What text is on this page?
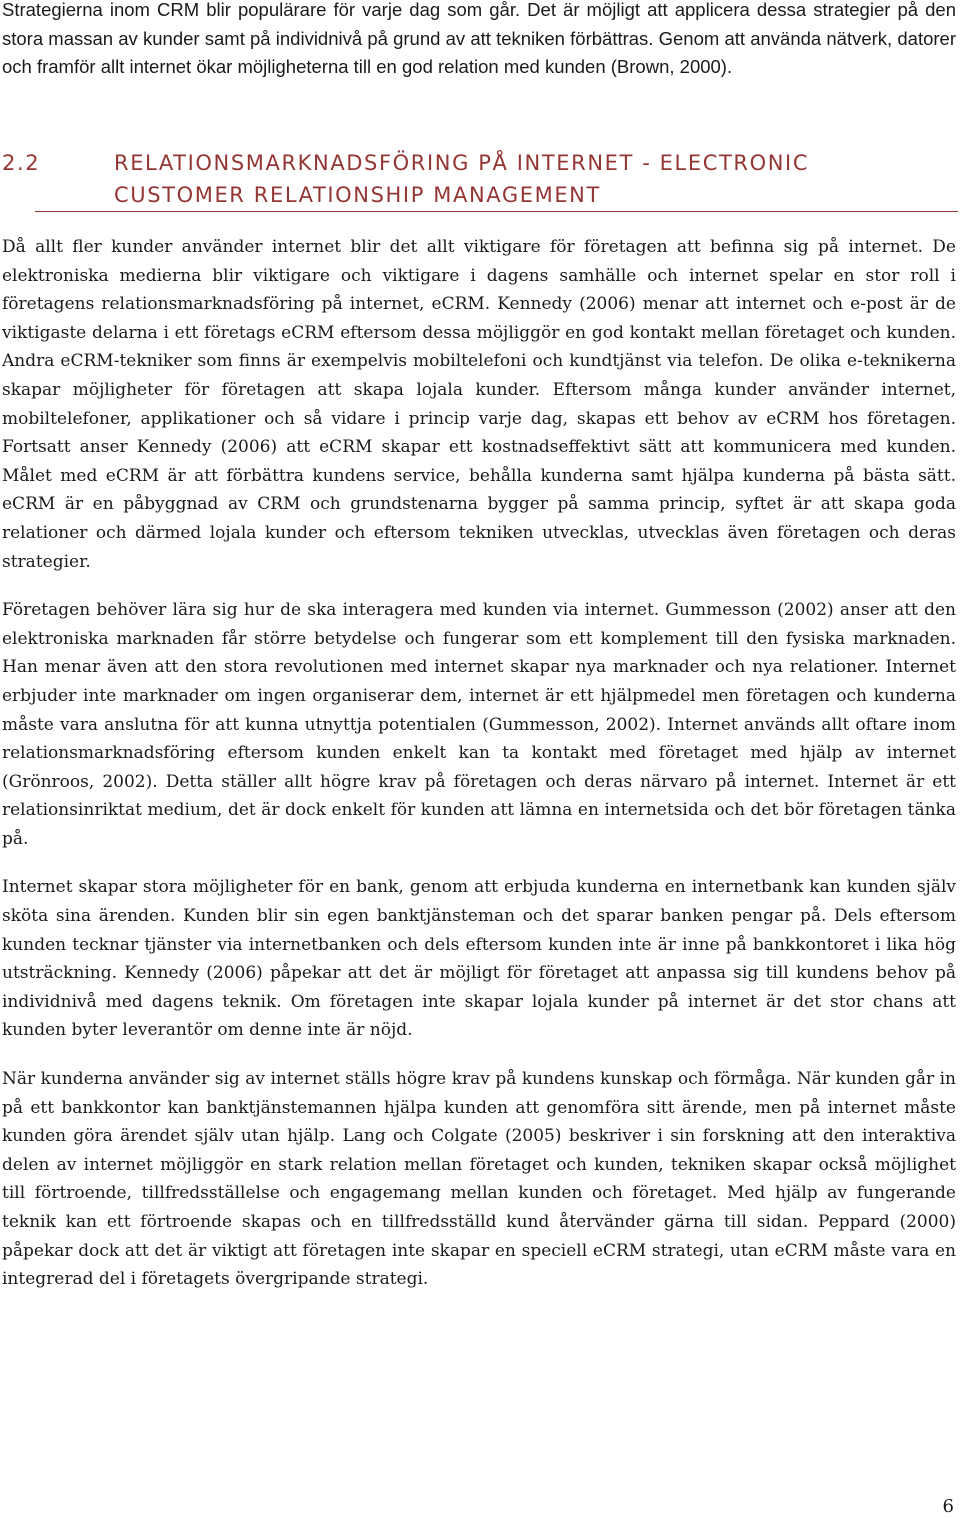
Strategierna inom CRM blir populärare för varje dag som går. Det är möjligt att applicera dessa strategier på den stora massan av kunder samt på individnivå på grund av att tekniken förbättras. Genom att använda nätverk, datorer och framför allt internet ökar möjligheterna till en god relation med kunden (Brown, 2000).

2.2	RELATIONSMARKNADSFÖRING PÅ INTERNET - ELECTRONIC
CUSTOMER RELATIONSHIP MANAGEMENT

Då allt fler kunder använder internet blir det allt viktigare för företagen att befinna sig på internet. De elektroniska medierna blir viktigare och viktigare i dagens samhälle och internet spelar en stor roll i företagens relationsmarknadsföring på internet, eCRM. Kennedy (2006) menar att internet och e-post är de viktigaste delarna i ett företags eCRM eftersom dessa möjliggör en god kontakt mellan företaget och kunden. Andra eCRM-tekniker som finns är exempelvis mobiltelefoni och kundtjänst via telefon. De olika e-teknikerna skapar möjligheter för företagen att skapa lojala kunder. Eftersom många kunder använder internet, mobiltelefoner, applikationer och så vidare i princip varje dag, skapas ett behov av eCRM hos företagen. Fortsatt anser Kennedy (2006) att eCRM skapar ett kostnadseffektivt sätt att kommunicera med kunden. Målet med eCRM är att förbättra kundens service, behålla kunderna samt hjälpa kunderna på bästa sätt. eCRM är en påbyggnad av CRM och grundstenarna bygger på samma princip, syftet är att skapa goda relationer och därmed lojala kunder och eftersom tekniken utvecklas, utvecklas även företagen och deras strategier.

Företagen behöver lära sig hur de ska interagera med kunden via internet. Gummesson (2002) anser att den elektroniska marknaden får större betydelse och fungerar som ett komplement till den fysiska marknaden. Han menar även att den stora revolutionen med internet skapar nya marknader och nya relationer. Internet erbjuder inte marknader om ingen organiserar dem, internet är ett hjälpmedel men företagen och kunderna måste vara anslutna för att kunna utnyttja potentialen (Gummesson, 2002). Internet används allt oftare inom relationsmarknadsföring eftersom kunden enkelt kan ta kontakt med företaget med hjälp av internet (Grönroos, 2002). Detta ställer allt högre krav på företagen och deras närvaro på internet. Internet är ett relationsinriktat medium, det är dock enkelt för kunden att lämna en internetsida och det bör företagen tänka på.

Internet skapar stora möjligheter för en bank, genom att erbjuda kunderna en internetbank kan kunden själv sköta sina ärenden. Kunden blir sin egen banktjänsteman och det sparar banken pengar på. Dels eftersom kunden tecknar tjänster via internetbanken och dels eftersom kunden inte är inne på bankkontoret i lika hög utsträckning. Kennedy (2006) påpekar att det är möjligt för företaget att anpassa sig till kundens behov på individnivå med dagens teknik. Om företagen inte skapar lojala kunder på internet är det stor chans att kunden byter leverantör om denne inte är nöjd.

När kunderna använder sig av internet ställs högre krav på kundens kunskap och förmåga. När kunden går in på ett bankkontor kan banktjänstemannen hjälpa kunden att genomföra sitt ärende, men på internet måste kunden göra ärendet själv utan hjälp. Lang och Colgate (2005) beskriver i sin forskning att den interaktiva delen av internet möjliggör en stark relation mellan företaget och kunden, tekniken skapar också möjlighet till förtroende, tillfredsställelse och engagemang mellan kunden och företaget. Med hjälp av fungerande teknik kan ett förtroende skapas och en tillfredsställd kund återvänder gärna till sidan. Peppard (2000) påpekar dock att det är viktigt att företagen inte skapar en speciell eCRM strategi, utan eCRM måste vara en integrerad del i företagets övergripande strategi.

6
